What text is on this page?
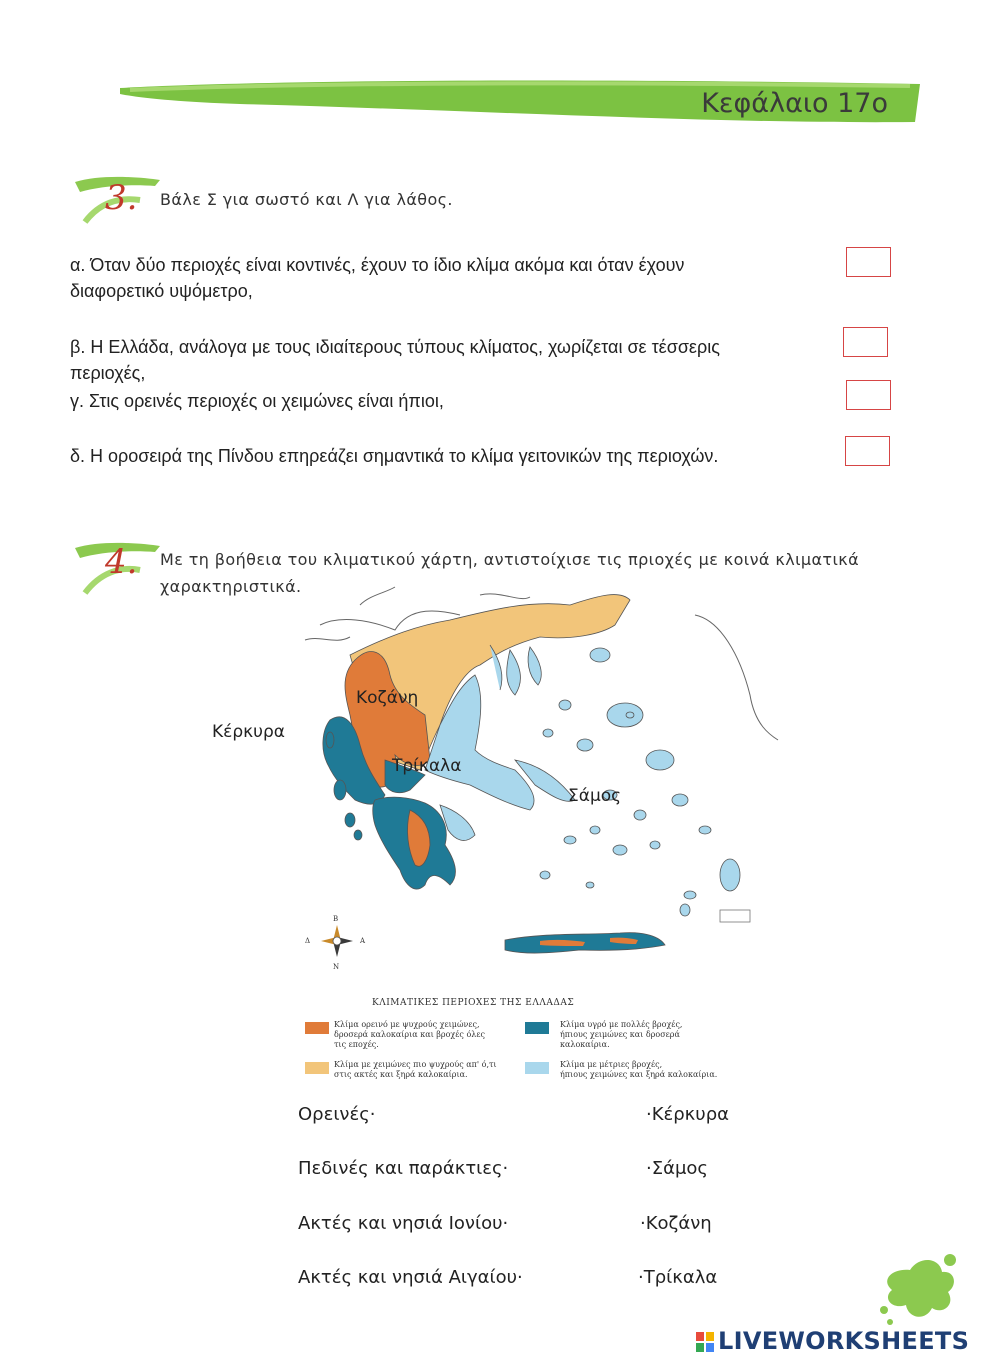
Κεφάλαιο 17ο
3. Βάλε Σ για σωστό και Λ για λάθος.
α. Όταν δύο περιοχές είναι κοντινές, έχουν το ίδιο κλίμα ακόμα και όταν έχουν
διαφορετικό υψόμετρο,
β. Η Ελλάδα, ανάλογα με τους ιδιαίτερους τύπους κλίματος, χωρίζεται σε τέσσερις
περιοχές,
γ. Στις ορεινές περιοχές οι χειμώνες είναι ήπιοι,
δ. Η οροσειρά της Πίνδου επηρεάζει σημαντικά το κλίμα γειτονικών της περιοχών.
4. Με τη βοήθεια του κλιματικού χάρτη, αντιστοίχισε τις πριοχές με κοινά κλιματικά
χαρακτηριστικά.
Β
Ν
Δ	Α
ΚΛΙΜΑΤΙΚΕΣ ΠΕΡΙΟΧΕΣ ΤΗΣ ΕΛΛΑΔΑΣ
Κλίμα ορεινό με ψυχρούς χειμώνες,
δροσερά καλοκαίρια και βροχές όλες
τις εποχές.
Κλίμα υγρό με πολλές βροχές,
ήπιους χειμώνες και δροσερά καλοκαίρια.
Κλίμα με χειμώνες πιο ψυχρούς απ' ό,τι
στις ακτές και ξηρά καλοκαίρια.
Κλίμα με μέτριες βροχές,
ήπιους χειμώνες και ξηρά καλοκαίρια.
Κέρκυρα
Κοζάνη
Τρίκαλα
Σάμος
Ορεινές·
Πεδινές και παράκτιες·
Ακτές και νησιά Ιονίου·
Ακτές και νησιά Αιγαίου·
·Κέρκυρα
·Σάμος
·Κοζάνη
·Τρίκαλα
LIVEWORKSHEETS
